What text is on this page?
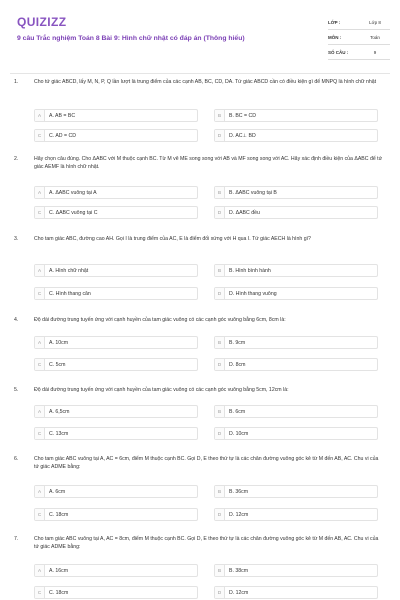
QUIZIZZ
9 câu Trắc nghiệm Toán 8 Bài 9: Hình chữ nhật có đáp án (Thông hiểu)
LỚP :	Lớp 8
MÔN :	Toán
SỐ CÂU :	9
1.	Cho tứ giác ABCD, lấy M, N, P, Q lần lượt là trung điểm của các cạnh AB, BC, CD, DA. Tứ giác ABCD cần có điều kiện gì để MNPQ là hình chữ nhật
A	A. AB = BC	B	B. BC = CD
C	C. AD = CD	D	D. AC⊥ BD
2.	Hãy chọn câu đúng. Cho ΔABC với M thuộc cạnh BC. Từ M vẽ ME song song với AB và MF song song với AC. Hãy xác định điều kiện của ΔABC để tứ giác AEMF là hình chữ nhật.
A	A. ΔABC vuông tại A	B	B. ΔABC vuông tại B
C	C. ΔABC vuông tại C	D	D. ΔABC đều
3.	Cho tam giác ABC, đường cao AH. Gọi I là trung điểm của AC, E là điểm đối xứng với H qua I. Tứ giác AECH là hình gì?
A	A. Hình chữ nhật	B	B. Hình bình hành
C	C. Hình thang cân	D	D. Hình thang vuông
4.	Độ dài đường trung tuyến ứng với cạnh huyền của tam giác vuông có các cạnh góc vuông bằng 6cm, 8cm là:
A	A. 10cm	B	B. 9cm
C	C. 5cm	D	D. 8cm
5.	Độ dài đường trung tuyến ứng với cạnh huyền của tam giác vuông có các cạnh góc vuông bằng 5cm, 12cm là:
A	A. 6,5cm	B	B. 6cm
C	C. 13cm	D	D. 10cm
6.	Cho tam giác ABC vuông tại A, AC = 6cm, điểm M thuộc cạnh BC. Gọi D, E theo thứ tự là các chân đường vuông góc kẻ từ M đến AB, AC. Chu vi của tứ giác ADME bằng:
A	A. 6cm	B	B. 36cm
C	C. 18cm	D	D. 12cm
7.	Cho tam giác ABC vuông tại A, AC = 8cm, điểm M thuộc cạnh BC. Gọi D, E theo thứ tự là các chân đường vuông góc kẻ từ M đến AB, AC. Chu vi của tứ giác ADME bằng:
A	A. 16cm	B	B. 38cm
C	C. 18cm	D	D. 12cm
